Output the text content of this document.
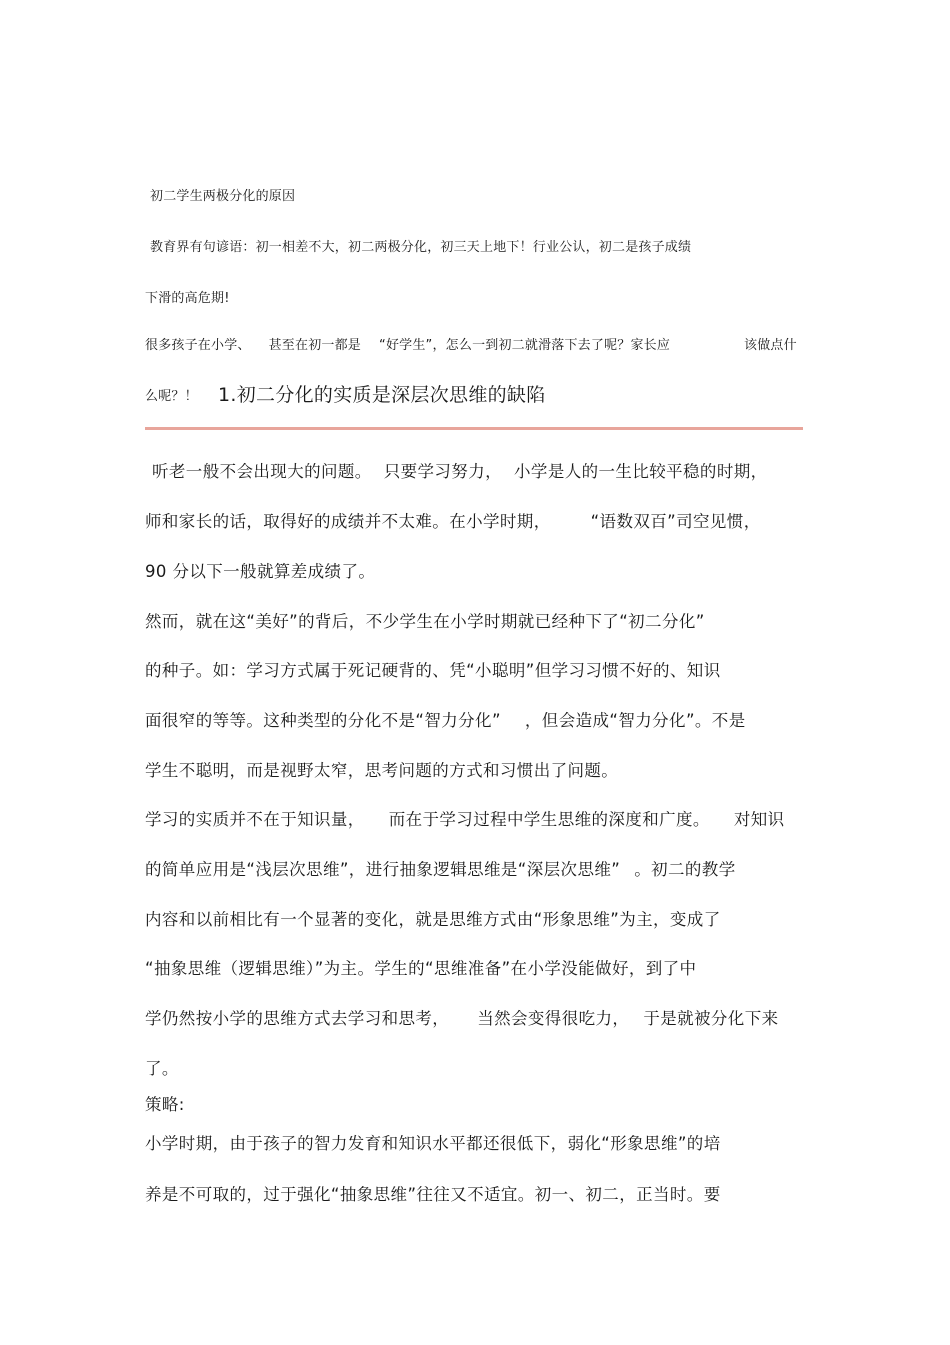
初二学生两极分化的原因
教育界有句谚语：初一相差不大，初二两极分化，初三天上地下！行业公认，初二是孩子成绩
下滑的高危期!
很多孩子在小学、 甚至在初一都是 “好学生”，怎么一到初二就滑落下去了呢？家长应	该做点什
么呢？！ 1.初二分化的实质是深层次思维的缺陷
听老一般不会出现大的问题。 只要学习努力， 小学是人的一生比较平稳的时期，
师和家长的话，取得好的成绩并不太难。在小学时期， “语数双百”司空见惯，
90 分以下一般就算差成绩了。
然而，就在这“美好”的背后，不少学生在小学时期就已经种下了“初二分化”
的种子。如：学习方式属于死记硬背的、凭“小聪明”但学习习惯不好的、知识
面很窄的等等。这种类型的分化不是“智力分化” ，但会造成“智力分化”。不是
学生不聪明，而是视野太窄，思考问题的方式和习惯出了问题。
学习的实质并不在于知识量， 而在于学习过程中学生思维的深度和广度。 对知识
的简单应用是“浅层次思维”，进行抽象逻辑思维是“深层次思维” 。初二的教学
内容和以前相比有一个显著的变化，就是思维方式由“形象思维”为主，变成了
“抽象思维（逻辑思维）”为主。学生的“思维准备”在小学没能做好，到了中
学仍然按小学的思维方式去学习和思考， 当然会变得很吃力， 于是就被分化下来
了。
策略:
小学时期，由于孩子的智力发育和知识水平都还很低下，弱化“形象思维”的培
养是不可取的，过于强化“抽象思维”往往又不适宜。初一、初二，正当时。要
